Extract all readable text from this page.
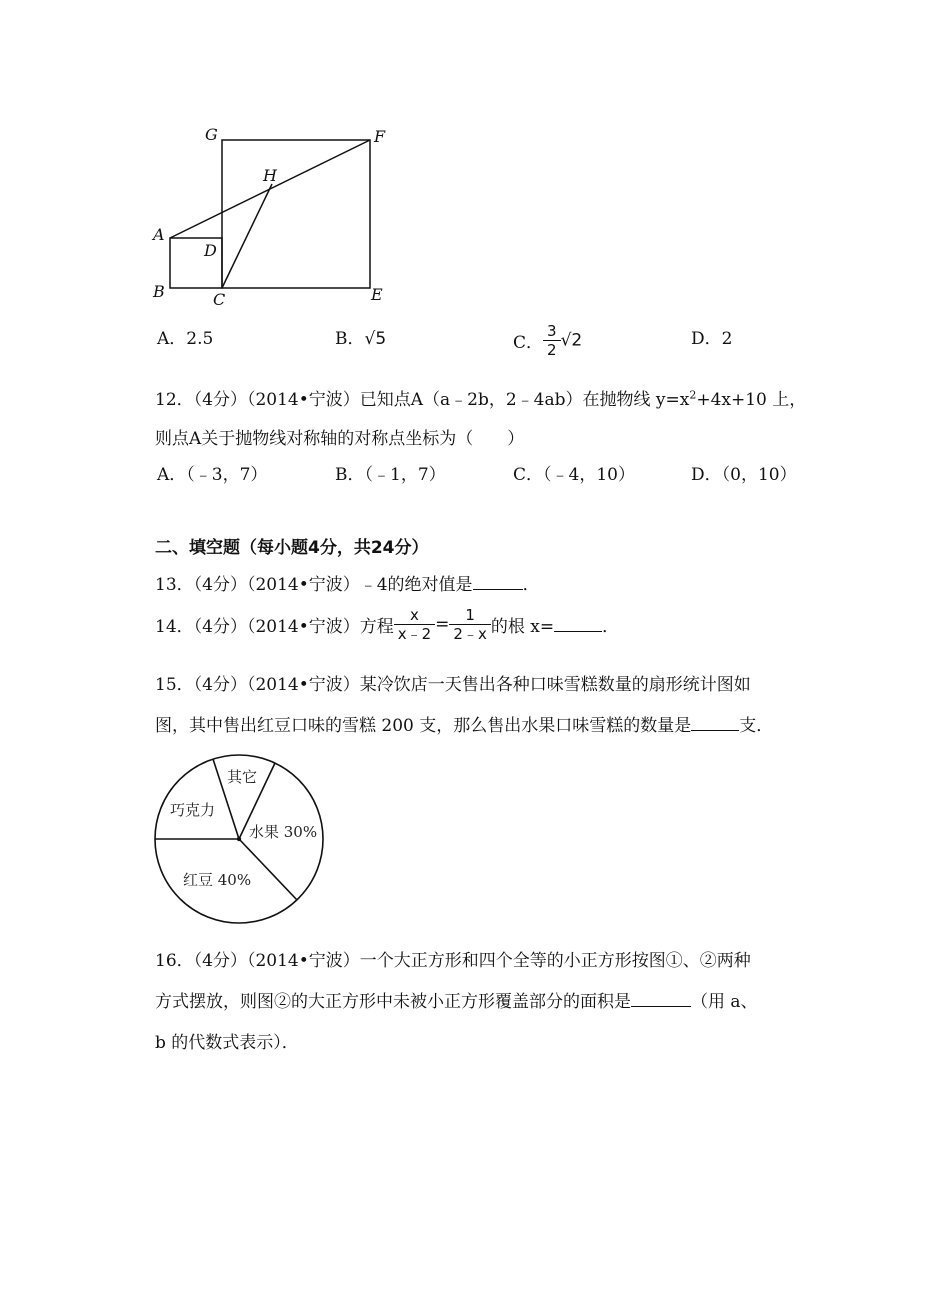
G	F
H
A
D
B	C	E
A．2.5	B．√5	C． $\frac{3}{2} √2$	D．2
12．（4分）（2014•宁波）已知点A（a﹣2b，2﹣4ab）在抛物线 $y=x^2+4x+10$ 上，
则点A关于抛物线对称轴的对称点坐标为（　　）
A．（﹣3，7）	B．（﹣1，7）	C．（﹣4，10）	D．（0，10）
二、填空题（每小题4分，共24分）
13．（4分）（2014•宁波）﹣4的绝对值是	．
14．（4分）（2014•宁波）方程 $\frac{x}{x﹣2} = \frac{1}{2﹣x}$ 的根 x=	．
15．（4分）（2014•宁波）某冷饮店一天售出各种口味雪糕数量的扇形统计图如
图，其中售出红豆口味的雪糕 200 支，那么售出水果口味雪糕的数量是	支．
其它
巧克力
水果 30%
红豆 40%
16．（4分）（2014•宁波）一个大正方形和四个全等的小正方形按图①、②两种
方式摆放，则图②的大正方形中未被小正方形覆盖部分的面积是	（用 a、
b 的代数式表示）．
